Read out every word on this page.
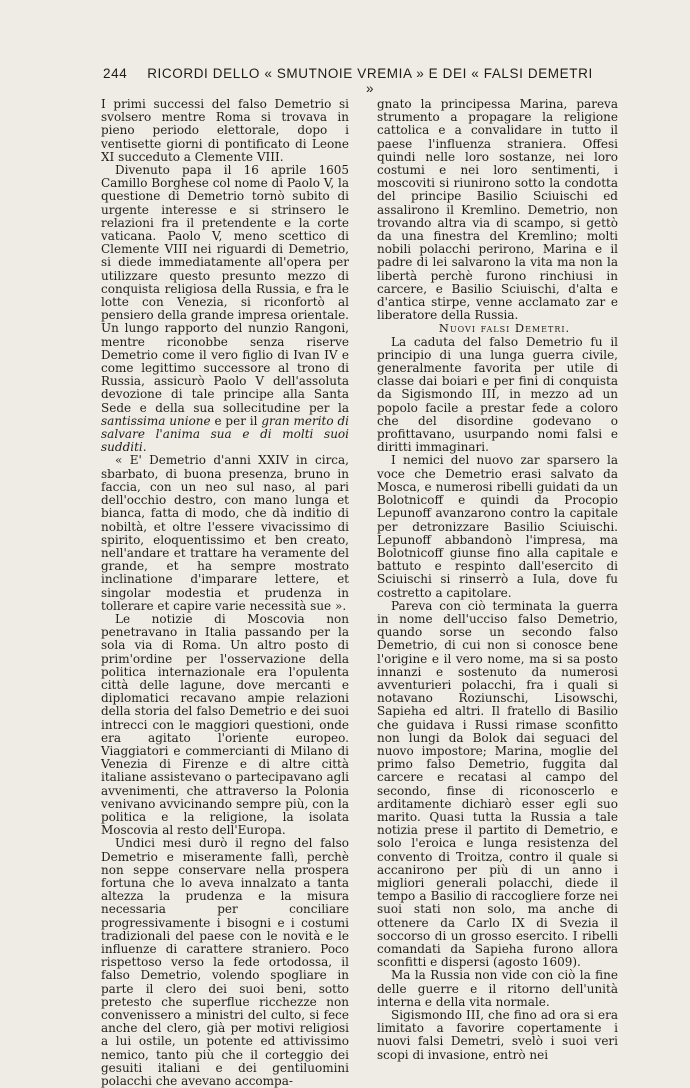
244	RICORDI DELLO « SMUTNOIE VREMIA » E DEI « FALSI DEMETRI »

I primi successi del falso Demetrio si svolsero mentre Roma si trovava in pieno periodo elettorale, dopo i ventisette giorni di pontificato di Leone XI succeduto a Clemente VIII.

Divenuto papa il 16 aprile 1605 Camillo Borghese col nome di Paolo V, la questione di Demetrio tornò subito di urgente interesse e si strinsero le relazioni fra il pretendente e la corte vaticana. Paolo V, meno scettico di Clemente VIII nei riguardi di Demetrio, si diede immediatamente all'opera per utilizzare questo presunto mezzo di conquista religiosa della Russia, e fra le lotte con Venezia, si riconfortò al pensiero della grande impresa orientale. Un lungo rapporto del nunzio Rangoni, mentre riconobbe senza riserve Demetrio come il vero figlio di Ivan IV e come legittimo successore al trono di Russia, assicurò Paolo V dell'assoluta devozione di tale principe alla Santa Sede e della sua sollecitudine per la santissima unione e per il gran merito di salvare l'anima sua e di molti suoi sudditi.

« E' Demetrio d'anni XXIV in circa, sbarbato, di buona presenza, bruno in faccia, con un neo sul naso, al pari dell'occhio destro, con mano lunga et bianca, fatta di modo, che dà inditio di nobiltà, et oltre l'essere vivacissimo di spirito, eloquentissimo et ben creato, nell'andare et trattare ha veramente del grande, et ha sempre mostrato inclinatione d'imparare lettere, et singolar modestia et prudenza in tollerare et capire varie necessità sue ».

Le notizie di Moscovia non penetravano in Italia passando per la sola via di Roma. Un altro posto di prim'ordine per l'osservazione della politica internazionale era l'opulenta città delle lagune, dove mercanti e diplomatici recavano ampie relazioni della storia del falso Demetrio e dei suoi intrecci con le maggiori questioni, onde era agitato l'oriente europeo. Viaggiatori e commercianti di Milano di Venezia di Firenze e di altre città italiane assistevano o partecipavano agli avvenimenti, che attraverso la Polonia venivano avvicinando sempre più, con la politica e la religione, la isolata Moscovia al resto dell'Europa.

Undici mesi durò il regno del falso Demetrio e miseramente fallì, perchè non seppe conservare nella prospera fortuna che lo aveva innalzato a tanta altezza la prudenza e la misura necessaria per conciliare progressivamente i bisogni e i costumi tradizionali del paese con le novità e le influenze di carattere straniero. Poco rispettoso verso la fede ortodossa, il falso Demetrio, volendo spogliare in parte il clero dei suoi beni, sotto pretesto che superflue ricchezze non convenissero a ministri del culto, si fece anche del clero, già per motivi religiosi a lui ostile, un potente ed attivissimo nemico, tanto più che il corteggio dei gesuiti italiani e dei gentiluomini polacchi che avevano accompa-

gnato la principessa Marina, pareva strumento a propagare la religione cattolica e a convalidare in tutto il paese l'influenza straniera. Offesi quindi nelle loro sostanze, nei loro costumi e nei loro sentimenti, i moscoviti si riunirono sotto la condotta del principe Basilio Sciuischi ed assalirono il Kremlino. Demetrio, non trovando altra via di scampo, si gettò da una finestra del Kremlino; molti nobili polacchi perirono, Marina e il padre di lei salvarono la vita ma non la libertà perchè furono rinchiusi in carcere, e Basilio Sciuischi, d'alta e d'antica stirpe, venne acclamato zar e liberatore della Russia.

Nuovi falsi Demetri.

La caduta del falso Demetrio fu il principio di una lunga guerra civile, generalmente favorita per utile di classe dai boiari e per fini di conquista da Sigismondo III, in mezzo ad un popolo facile a prestar fede a coloro che del disordine godevano o profittavano, usurpando nomi falsi e diritti immaginari.

I nemici del nuovo zar sparsero la voce che Demetrio erasi salvato da Mosca, e numerosi ribelli guidati da un Bolotnicoff e quindi da Procopio Lepunoff avanzarono contro la capitale per detronizzare Basilio Sciuischi. Lepunoff abbandonò l'impresa, ma Bolotnicoff giunse fino alla capitale e battuto e respinto dall'esercito di Sciuischi si rinserrò a Iula, dove fu costretto a capitolare.

Pareva con ciò terminata la guerra in nome dell'ucciso falso Demetrio, quando sorse un secondo falso Demetrio, di cui non si conosce bene l'origine e il vero nome, ma si sa posto innanzi e sostenuto da numerosi avventurieri polacchi, fra i quali si notavano Roziunschi, Lisowschi, Sapieha ed altri. Il fratello di Basilio che guidava i Russi rimase sconfitto non lungi da Bolok dai seguaci del nuovo impostore; Marina, moglie del primo falso Demetrio, fuggita dal carcere e recatasi al campo del secondo, finse di riconoscerlo e arditamente dichiarò esser egli suo marito. Quasi tutta la Russia a tale notizia prese il partito di Demetrio, e solo l'eroica e lunga resistenza del convento di Troitza, contro il quale si accanirono per più di un anno i migliori generali polacchi, diede il tempo a Basilio di raccogliere forze nei suoi stati non solo, ma anche di ottenere da Carlo IX di Svezia il soccorso di un grosso esercito. I ribelli comandati da Sapieha furono allora sconfitti e dispersi (agosto 1609).

Ma la Russia non vide con ciò la fine delle guerre e il ritorno dell'unità interna e della vita normale.

Sigismondo III, che fino ad ora si era limitato a favorire copertamente i nuovi falsi Demetri, svelò i suoi veri scopi di invasione, entrò nei
